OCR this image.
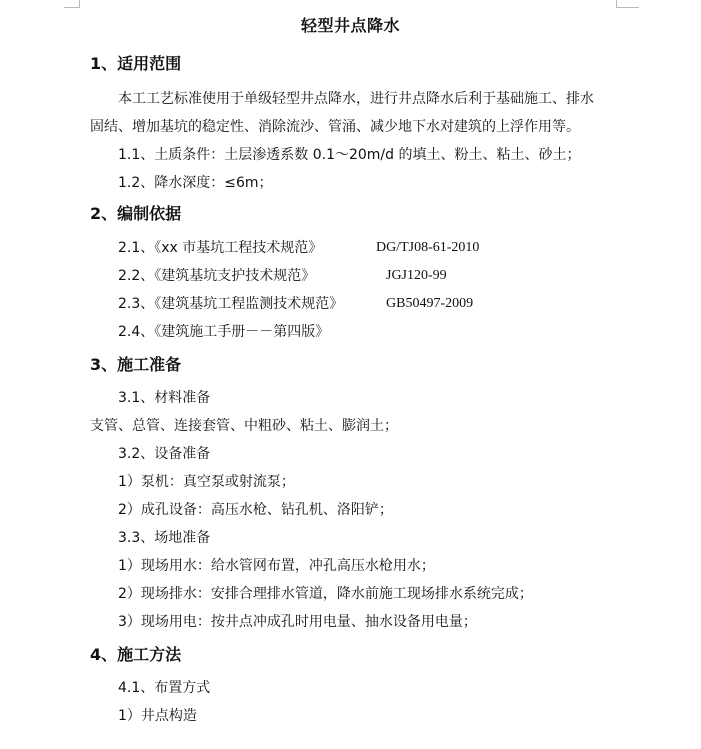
轻型井点降水
1、适用范围
本工工艺标准使用于单级轻型井点降水，进行井点降水后利于基础施工、排水
固结、增加基坑的稳定性、消除流沙、管涌、减少地下水对建筑的上浮作用等。
1.1、土质条件：土层渗透系数 0.1～20m/d 的填土、粉土、粘土、砂土；
1.2、降水深度：≤6m；
2、编制依据
2.1、《xx 市基坑工程技术规范》	DG/TJ08-61-2010
2.2、《建筑基坑支护技术规范》	JGJ120-99
2.3、《建筑基坑工程监测技术规范》	GB50497-2009
2.4、《建筑施工手册－－第四版》
3、施工准备
3.1、材料准备
支管、总管、连接套管、中粗砂、粘土、膨润土；
3.2、设备准备
1）泵机：真空泵或射流泵；
2）成孔设备：高压水枪、钻孔机、洛阳铲；
3.3、场地准备
1）现场用水：给水管网布置，冲孔高压水枪用水；
2）现场排水：安排合理排水管道，降水前施工现场排水系统完成；
3）现场用电：按井点冲成孔时用电量、抽水设备用电量；
4、施工方法
4.1、布置方式
1）井点构造
